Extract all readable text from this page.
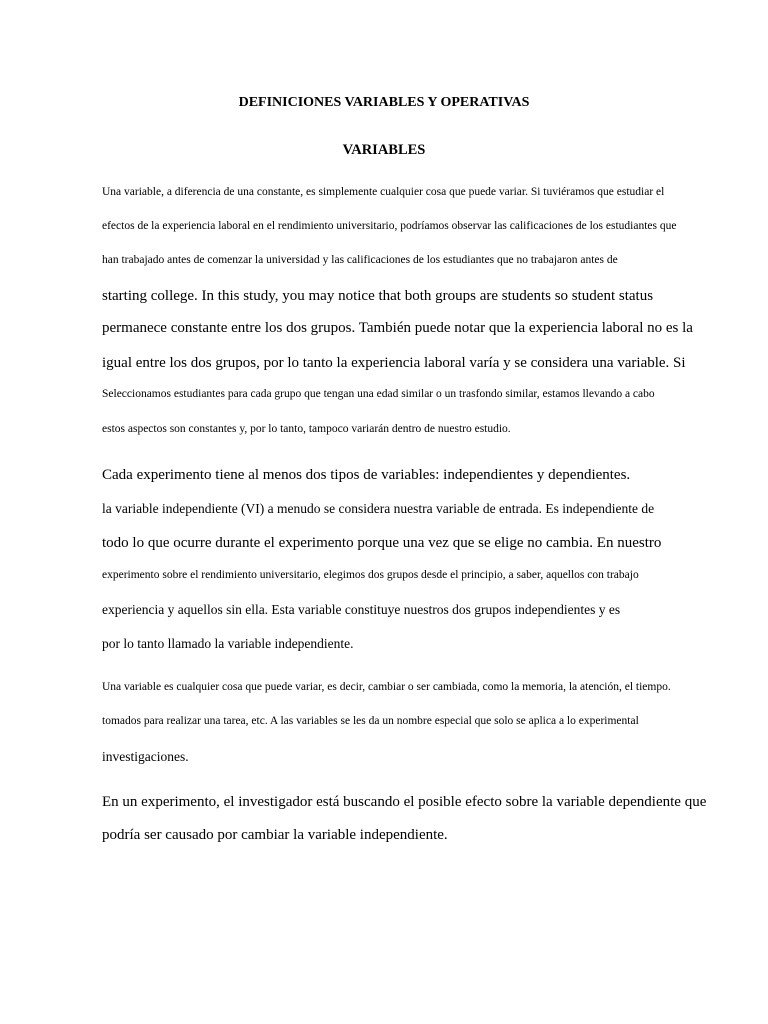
DEFINICIONES VARIABLES Y OPERATIVAS
VARIABLES
Una variable, a diferencia de una constante, es simplemente cualquier cosa que puede variar. Si tuviéramos que estudiar el
efectos de la experiencia laboral en el rendimiento universitario, podríamos observar las calificaciones de los estudiantes que
han trabajado antes de comenzar la universidad y las calificaciones de los estudiantes que no trabajaron antes de
starting college. In this study, you may notice that both groups are students so student status
permanece constante entre los dos grupos. También puede notar que la experiencia laboral no es la
igual entre los dos grupos, por lo tanto la experiencia laboral varía y se considera una variable. Si
Seleccionamos estudiantes para cada grupo que tengan una edad similar o un trasfondo similar, estamos llevando a cabo
estos aspectos son constantes y, por lo tanto, tampoco variarán dentro de nuestro estudio.
Cada experimento tiene al menos dos tipos de variables: independientes y dependientes.
la variable independiente (VI) a menudo se considera nuestra variable de entrada. Es independiente de
todo lo que ocurre durante el experimento porque una vez que se elige no cambia. En nuestro
experimento sobre el rendimiento universitario, elegimos dos grupos desde el principio, a saber, aquellos con trabajo
experiencia y aquellos sin ella. Esta variable constituye nuestros dos grupos independientes y es
por lo tanto llamado la variable independiente.
Una variable es cualquier cosa que puede variar, es decir, cambiar o ser cambiada, como la memoria, la atención, el tiempo.
tomados para realizar una tarea, etc. A las variables se les da un nombre especial que solo se aplica a lo experimental
investigaciones.
En un experimento, el investigador está buscando el posible efecto sobre la variable dependiente que
podría ser causado por cambiar la variable independiente.
